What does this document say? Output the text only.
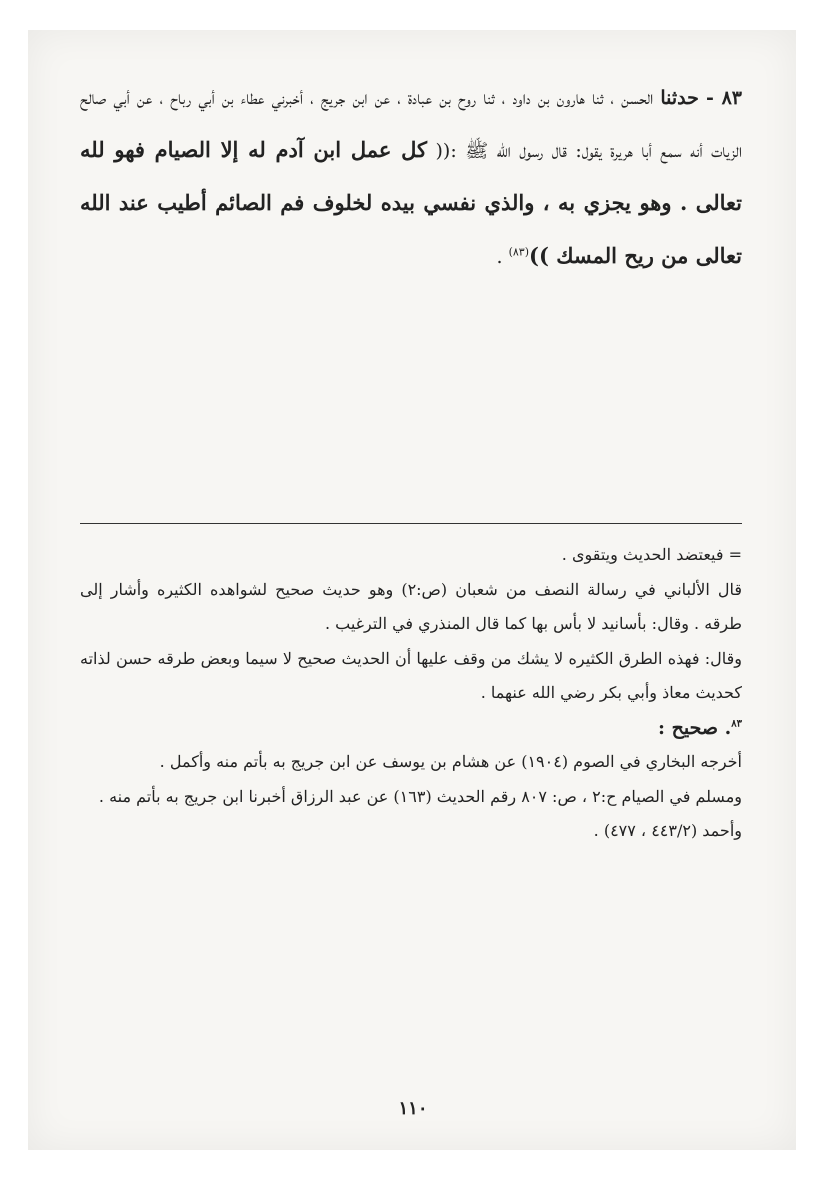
٨٣ - حدثنا الحسن ، ثنا هارون بن داود ، ثنا روح بن عبادة ، عن ابن جريج ، أخبرني عطاء بن أبي رباح ، عن أبي صالح الزيات أنه سمع أبا هريرة يقول: قال رسول الله ﷺ :(( كل عمل ابن آدم له إلا الصيام فهو لله تعالى . وهو يجزي به ، والذي نفسي بيده لخلوف فم الصائم أطيب عند الله تعالى من ريح المسك ))$^{(٨٣)}$ .

= فيعتضد الحديث ويتقوى .

قال الألباني في رسالة النصف من شعبان (ص:٢) وهو حديث صحيح لشواهده الكثيره وأشار إلى طرقه . وقال: بأسانيد لا بأس بها كما قال المنذري في الترغيب .

وقال: فهذه الطرق الكثيره لا يشك من وقف عليها أن الحديث صحيح لا سيما وبعض طرقه حسن لذاته كحديث معاذ وأبي بكر رضي الله عنهما .

$^{٨٣}$. صحيح :

أخرجه البخاري في الصوم (١٩٠٤) عن هشام بن يوسف عن ابن جريج به بأتم منه وأكمل .

ومسلم في الصيام ح:٢ ، ص: ٨٠٧ رقم الحديث (١٦٣) عن عبد الرزاق أخبرنا ابن جريج به بأتم منه .

وأحمد (٤٤٣/٢ ، ٤٧٧) .

١١٠
